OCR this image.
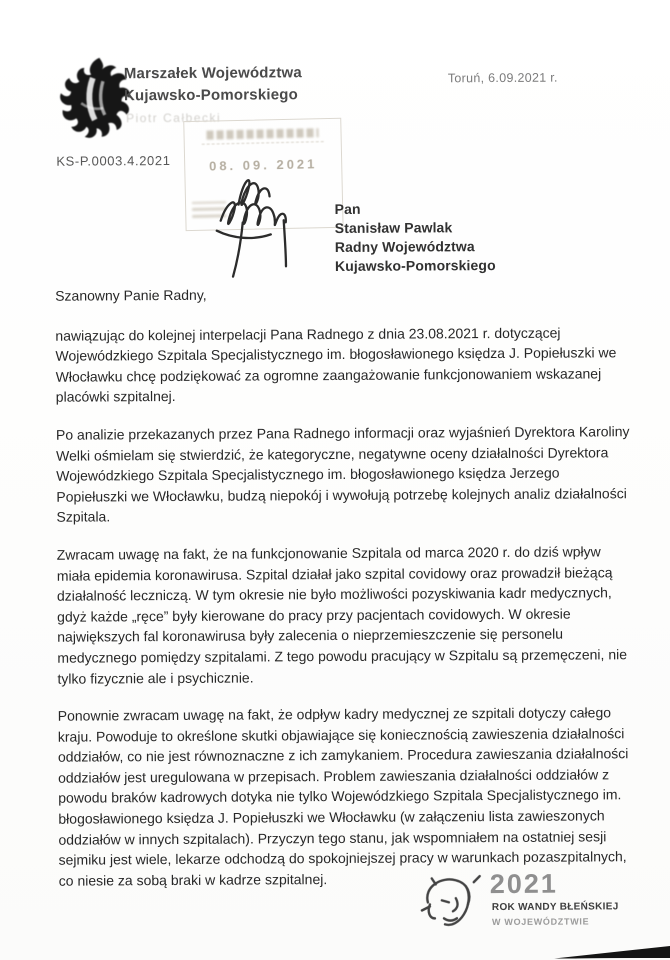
Marszałek Województwa
Kujawsko-Pomorskiego
Piotr Całbecki
Toruń, 6.09.2021 r.
KS-P.0003.4.2021	08. 09. 2021
Pan
Stanisław Pawlak
Radny Województwa
Kujawsko-Pomorskiego

Szanowny Panie Radny,

nawiązując do kolejnej interpelacji Pana Radnego z dnia 23.08.2021 r. dotyczącej Wojewódzkiego Szpitala Specjalistycznego im. błogosławionego księdza J. Popiełuszki we Włocławku chcę podziękować za ogromne zaangażowanie funkcjonowaniem wskazanej placówki szpitalnej.

Po analizie przekazanych przez Pana Radnego informacji oraz wyjaśnień Dyrektora Karoliny Welki ośmielam się stwierdzić, że kategoryczne, negatywne oceny działalności Dyrektora Wojewódzkiego Szpitala Specjalistycznego im. błogosławionego księdza Jerzego Popiełuszki we Włocławku, budzą niepokój i wywołują potrzebę kolejnych analiz działalności Szpitala.

Zwracam uwagę na fakt, że na funkcjonowanie Szpitala od marca 2020 r. do dziś wpływ miała epidemia koronawirusa. Szpital działał jako szpital covidowy oraz prowadził bieżącą działalność leczniczą. W tym okresie nie było możliwości pozyskiwania kadr medycznych, gdyż każde „ręce” były kierowane do pracy przy pacjentach covidowych. W okresie największych fal koronawirusa były zalecenia o nieprzemieszczenie się personelu medycznego pomiędzy szpitalami. Z tego powodu pracujący w Szpitalu są przemęczeni, nie tylko fizycznie ale i psychicznie.

Ponownie zwracam uwagę na fakt, że odpływ kadry medycznej ze szpitali dotyczy całego kraju. Powoduje to określone skutki objawiające się koniecznością zawieszenia działalności oddziałów, co nie jest równoznaczne z ich zamykaniem. Procedura zawieszania działalności oddziałów jest uregulowana w przepisach. Problem zawieszania działalności oddziałów z powodu braków kadrowych dotyka nie tylko Wojewódzkiego Szpitala Specjalistycznego im. błogosławionego księdza J. Popiełuszki we Włocławku (w załączeniu lista zawieszonych oddziałów w innych szpitalach). Przyczyn tego stanu, jak wspomniałem na ostatniej sesji sejmiku jest wiele, lekarze odchodzą do spokojniejszej pracy w warunkach pozaszpitalnych, co niesie za sobą braki w kadrze szpitalnej.	2021
ROK WANDY BŁEŃSKIEJ
W WOJEWÓDZTWIE
